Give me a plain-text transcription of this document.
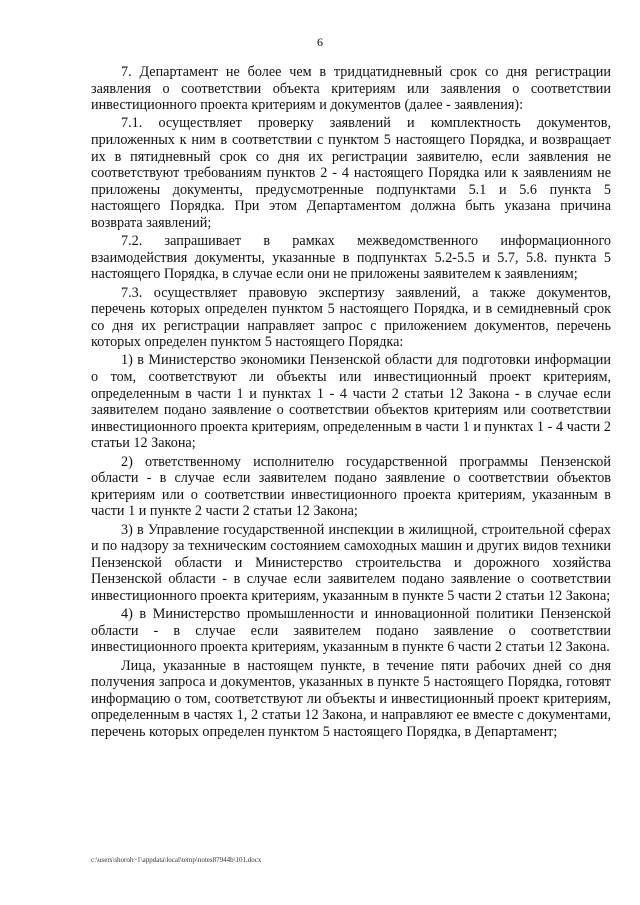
6

7. Департамент не более чем в тридцатидневный срок со дня регистрации заявления о соответствии объекта критериям или заявления о соответствии инвестиционного проекта критериям и документов (далее - заявления):

7.1. осуществляет проверку заявлений и комплектность документов, приложенных к ним в соответствии с пунктом 5 настоящего Порядка, и возвращает их в пятидневный срок со дня их регистрации заявителю, если заявления не соответствуют требованиям пунктов 2 - 4 настоящего Порядка или к заявлениям не приложены документы, предусмотренные подпунктами 5.1 и 5.6 пункта 5 настоящего Порядка. При этом Департаментом должна быть указана причина возврата заявлений;

7.2. запрашивает в рамках межведомственного информационного взаимодействия документы, указанные в подпунктах 5.2-5.5 и 5.7, 5.8. пункта 5 настоящего Порядка, в случае если они не приложены заявителем к заявлениям;

7.3. осуществляет правовую экспертизу заявлений, а также документов, перечень которых определен пунктом 5 настоящего Порядка, и в семидневный срок со дня их регистрации направляет запрос с приложением документов, перечень которых определен пунктом 5 настоящего Порядка:

1) в Министерство экономики Пензенской области для подготовки информации о том, соответствуют ли объекты или инвестиционный проект критериям, определенным в части 1 и пунктах 1 - 4 части 2 статьи 12 Закона - в случае если заявителем подано заявление о соответствии объектов критериям или соответствии инвестиционного проекта критериям, определенным в части 1 и пунктах 1 - 4 части 2 статьи 12 Закона;

2) ответственному исполнителю государственной программы Пензенской области - в случае если заявителем подано заявление о соответствии объектов критериям или о соответствии инвестиционного проекта критериям, указанным в части 1 и пункте 2 части 2 статьи 12 Закона;

3) в Управление государственной инспекции в жилищной, строительной сферах и по надзору за техническим состоянием самоходных машин и других видов техники Пензенской области и Министерство строительства и дорожного хозяйства Пензенской области - в случае если заявителем подано заявление о соответствии инвестиционного проекта критериям, указанным в пункте 5 части 2 статьи 12 Закона;

4) в Министерство промышленности и инновационной политики Пензенской области - в случае если заявителем подано заявление о соответствии инвестиционного проекта критериям, указанным в пункте 6 части 2 статьи 12 Закона.

Лица, указанные в настоящем пункте, в течение пяти рабочих дней со дня получения запроса и документов, указанных в пункте 5 настоящего Порядка, готовят информацию о том, соответствуют ли объекты и инвестиционный проект критериям, определенным в частях 1, 2 статьи 12 Закона, и направляют ее вместе с документами, перечень которых определен пунктом 5 настоящего Порядка, в Департамент;

c:\users\shoroh~1\appdata\local\temp\notes87944b\101.docx
